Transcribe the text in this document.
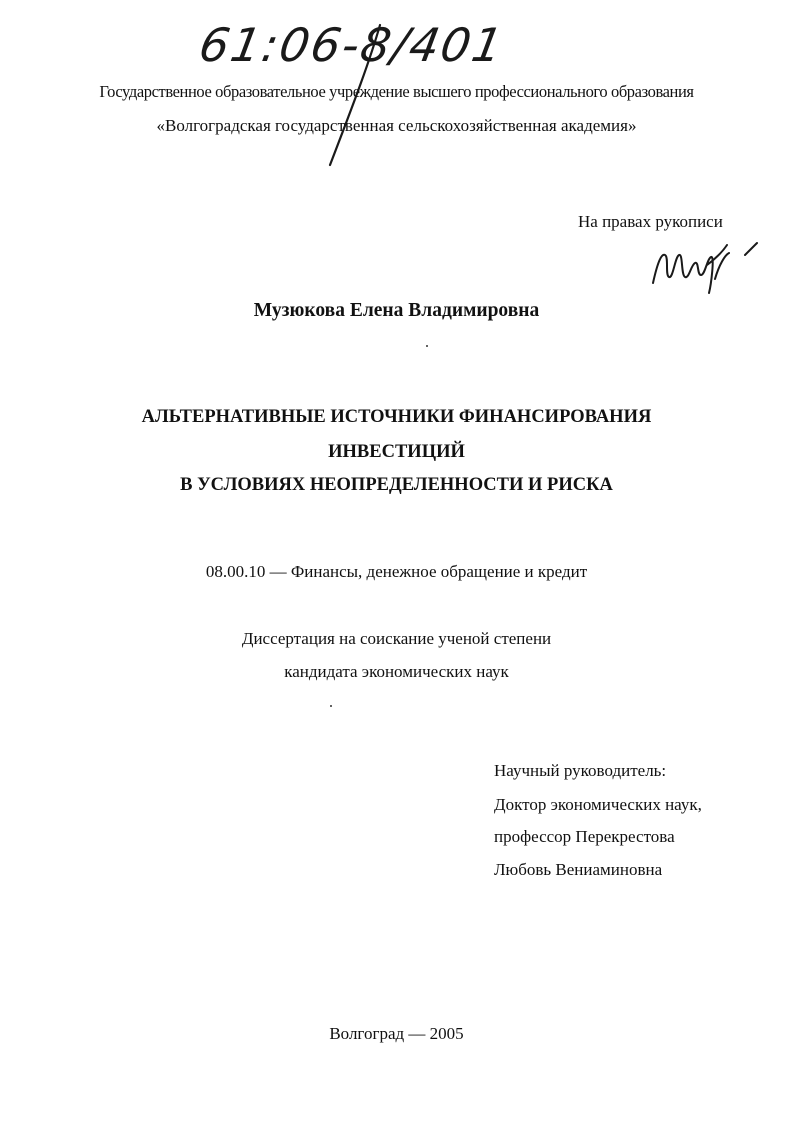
61:06-8/401
Государственное образовательное учреждение высшего профессионального образования
«Волгоградская государственная сельскохозяйственная академия»
На правах рукописи
Музюкова Елена Владимировна
АЛЬТЕРНАТИВНЫЕ ИСТОЧНИКИ ФИНАНСИРОВАНИЯ
ИНВЕСТИЦИЙ
В УСЛОВИЯХ НЕОПРЕДЕЛЕННОСТИ И РИСКА
08.00.10 — Финансы, денежное обращение и кредит
Диссертация на соискание ученой степени
кандидата экономических наук
Научный руководитель:
Доктор экономических наук,
профессор Перекрестова
Любовь Вениаминовна
Волгоград — 2005
